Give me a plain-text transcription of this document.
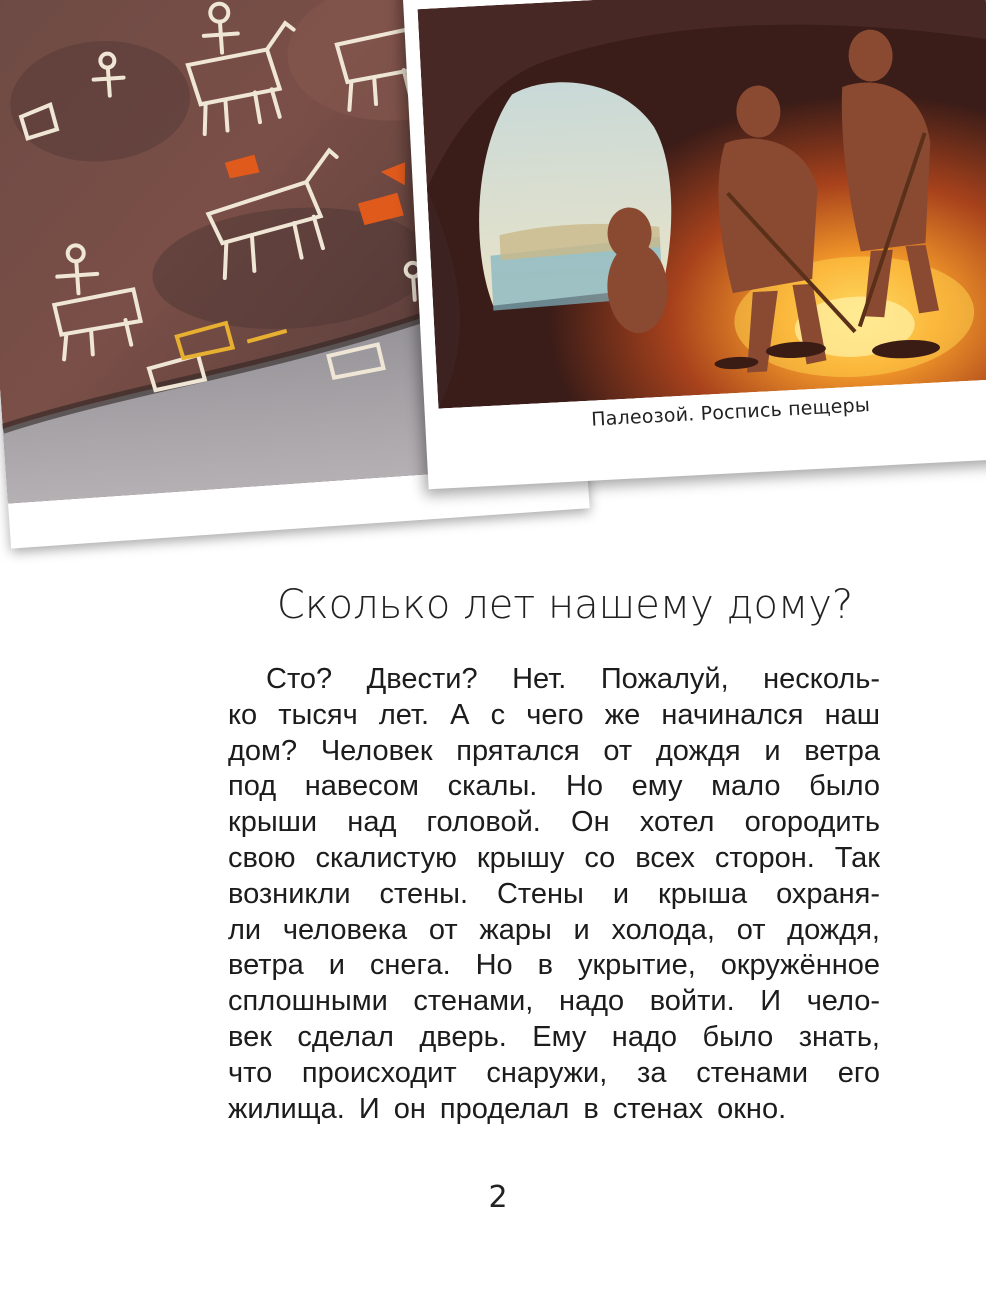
Палеозой. Роспись пещеры
Сколько лет нашему дому?
Сто? Двести? Нет. Пожалуй, несколь-
ко тысяч лет. А с чего же начинался наш
дом? Человек прятался от дождя и ветра
под навесом скалы. Но ему мало было
крыши над головой. Он хотел огородить
свою скалистую крышу со всех сторон. Так
возникли стены. Стены и крыша охраня-
ли человека от жары и холода, от дождя,
ветра и снега. Но в укрытие, окружённое
сплошными стенами, надо войти. И чело-
век сделал дверь. Ему надо было знать,
что происходит снаружи, за стенами его
жилища. И он проделал в стенах окно.
2
